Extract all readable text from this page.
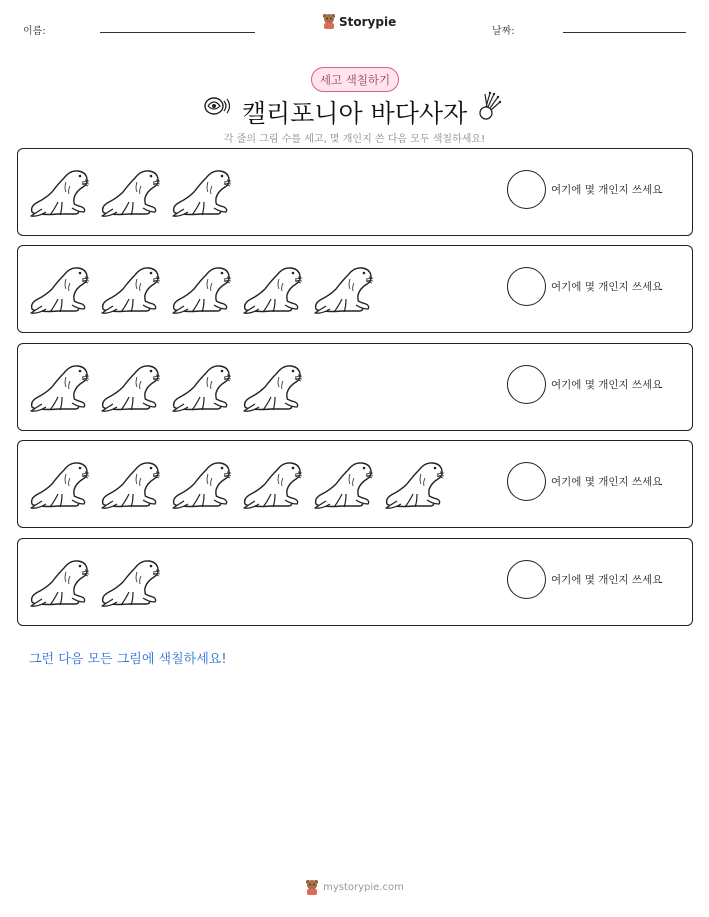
이름:
Storypie
날짜:
세고 색칠하기
캘리포니아 바다사자
각 줄의 그림 수를 세고, 몇 개인지 쓴 다음 모두 색칠하세요!
여기에 몇 개인지 쓰세요
여기에 몇 개인지 쓰세요
여기에 몇 개인지 쓰세요
여기에 몇 개인지 쓰세요
여기에 몇 개인지 쓰세요
그런 다음 모든 그림에 색칠하세요!
mystorypie.com
